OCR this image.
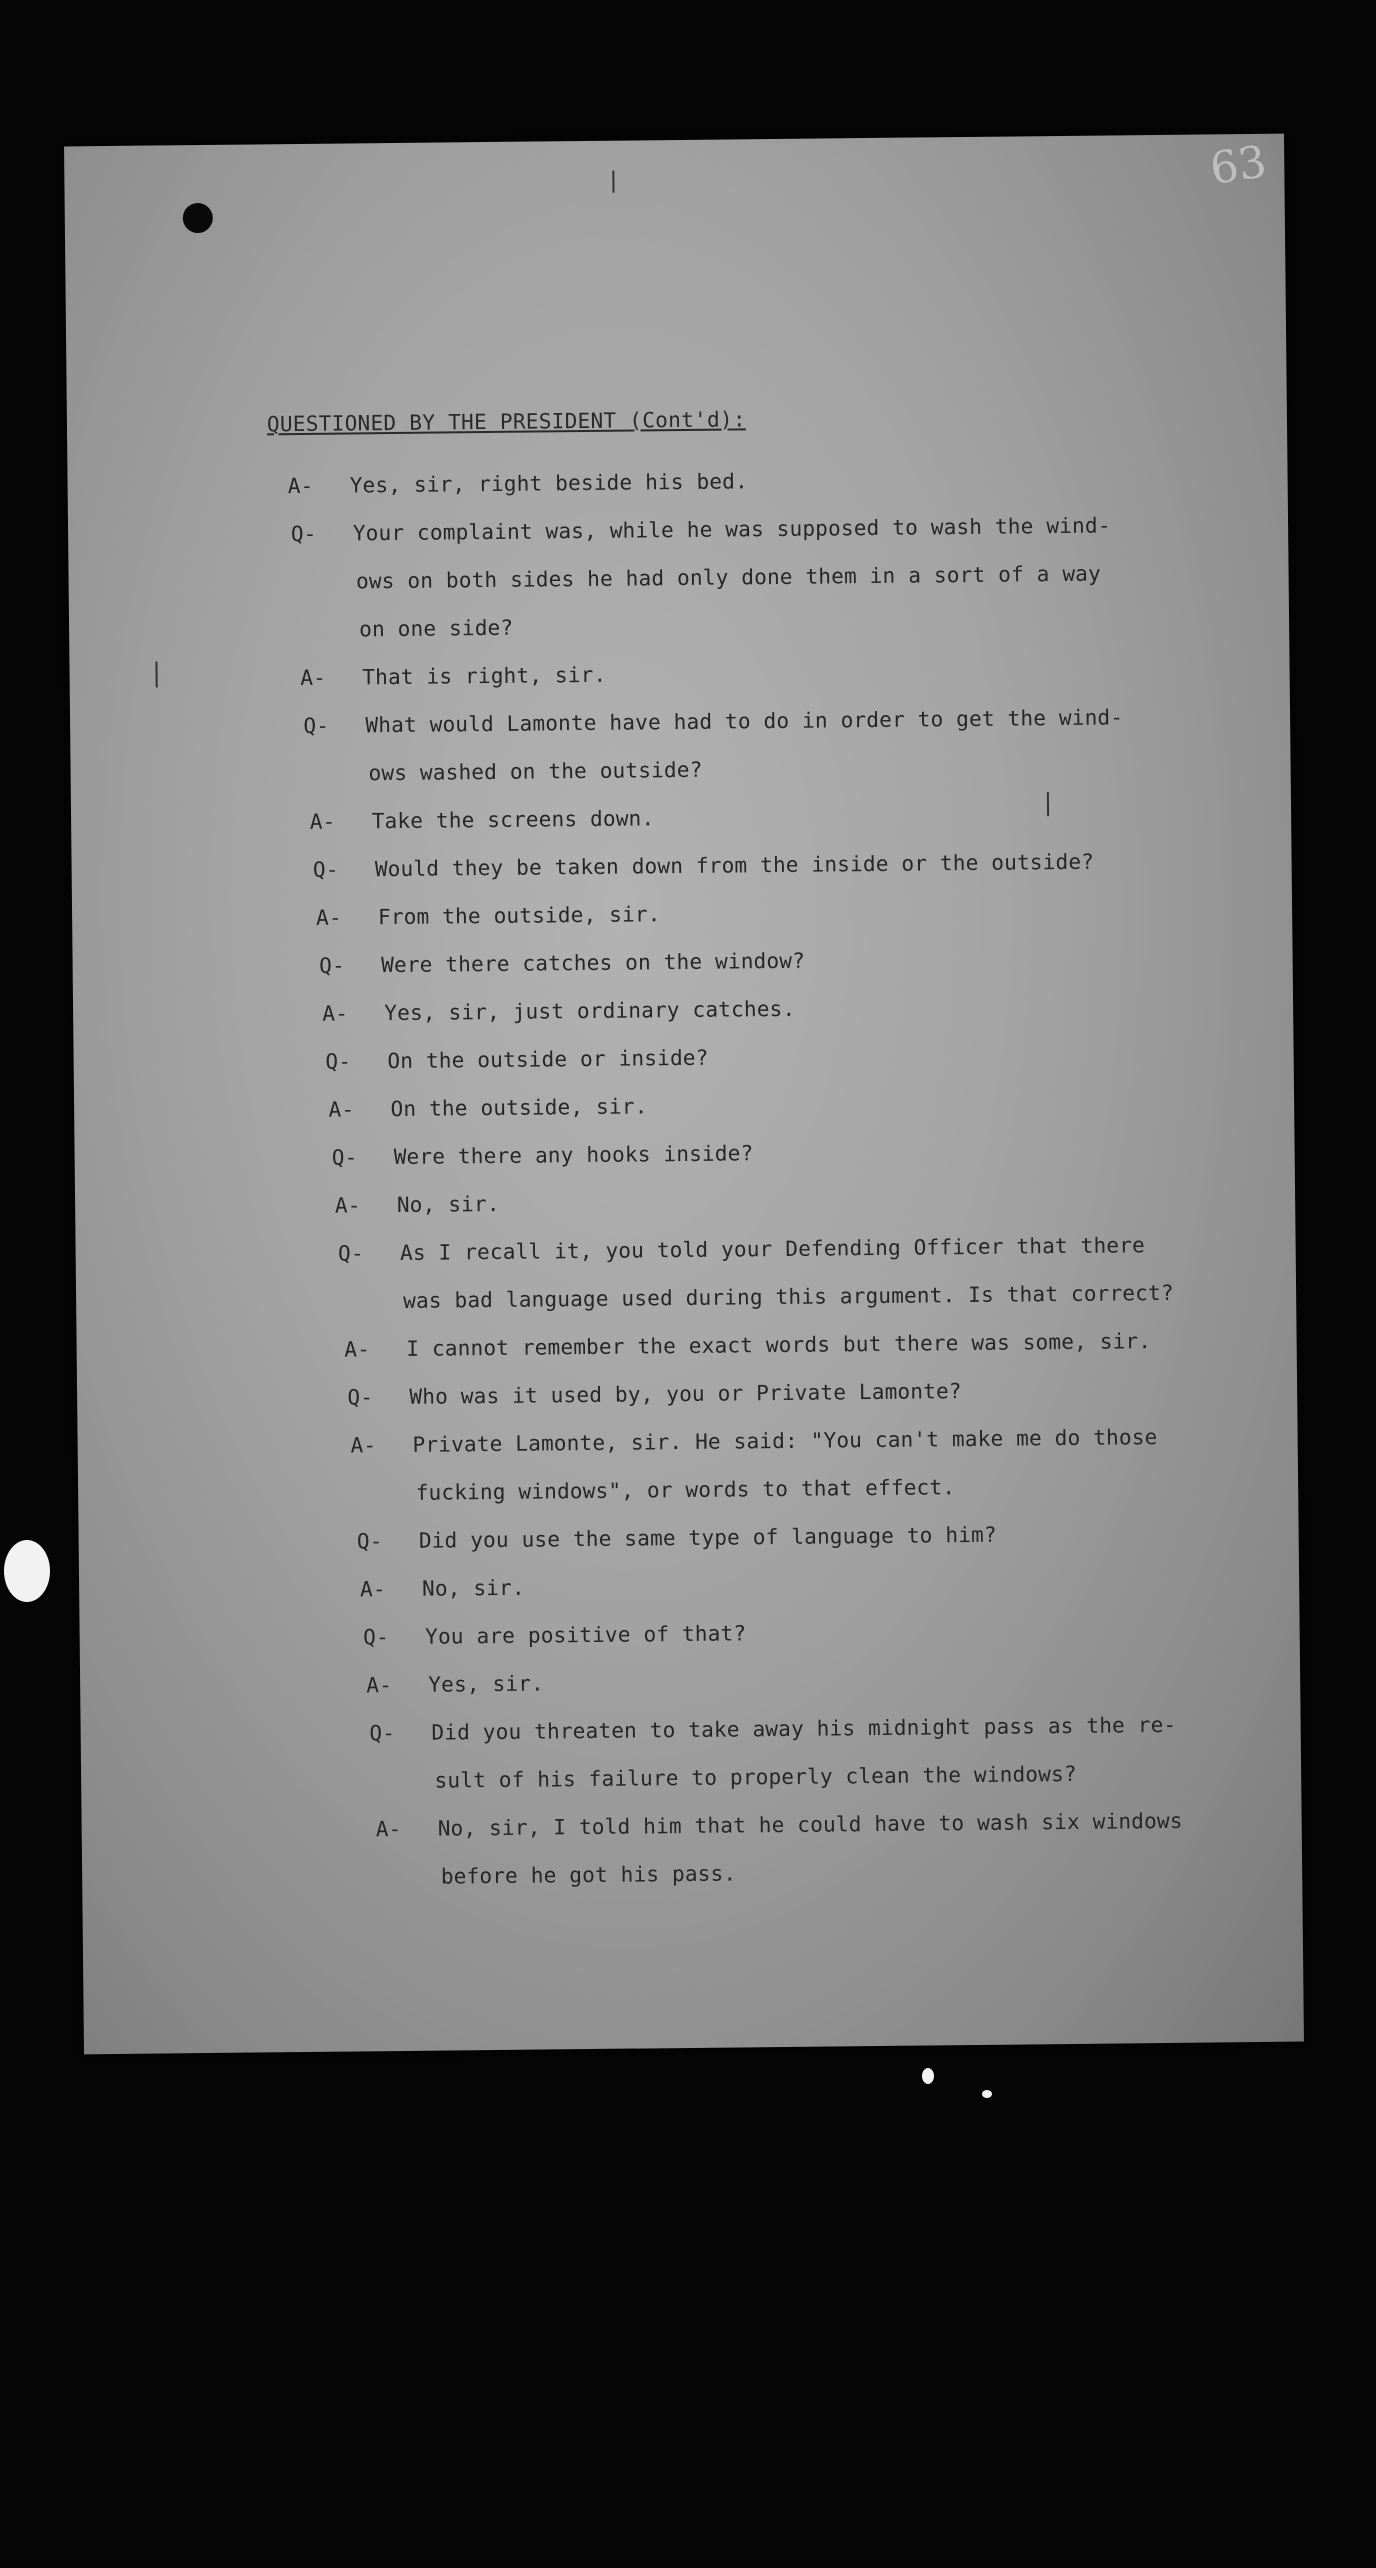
63
QUESTIONED BY THE PRESIDENT (Cont'd):
A- Yes, sir, right beside his bed.
Q- Your complaint was, while he was supposed to wash the wind-
ows on both sides he had only done them in a sort of a way
on one side?
A- That is right, sir.
Q- What would Lamonte have had to do in order to get the wind-
ows washed on the outside?
A- Take the screens down.
Q- Would they be taken down from the inside or the outside?
A- From the outside, sir.
Q- Were there catches on the window?
A- Yes, sir, just ordinary catches.
Q- On the outside or inside?
A- On the outside, sir.
Q- Were there any hooks inside?
A- No, sir.
Q- As I recall it, you told your Defending Officer that there
was bad language used during this argument. Is that correct?
A- I cannot remember the exact words but there was some, sir.
Q- Who was it used by, you or Private Lamonte?
A- Private Lamonte, sir. He said: "You can't make me do those
fucking windows", or words to that effect.
Q- Did you use the same type of language to him?
A- No, sir.
Q- You are positive of that?
A- Yes, sir.
Q- Did you threaten to take away his midnight pass as the re-
sult of his failure to properly clean the windows?
A- No, sir, I told him that he could have to wash six windows
before he got his pass.
